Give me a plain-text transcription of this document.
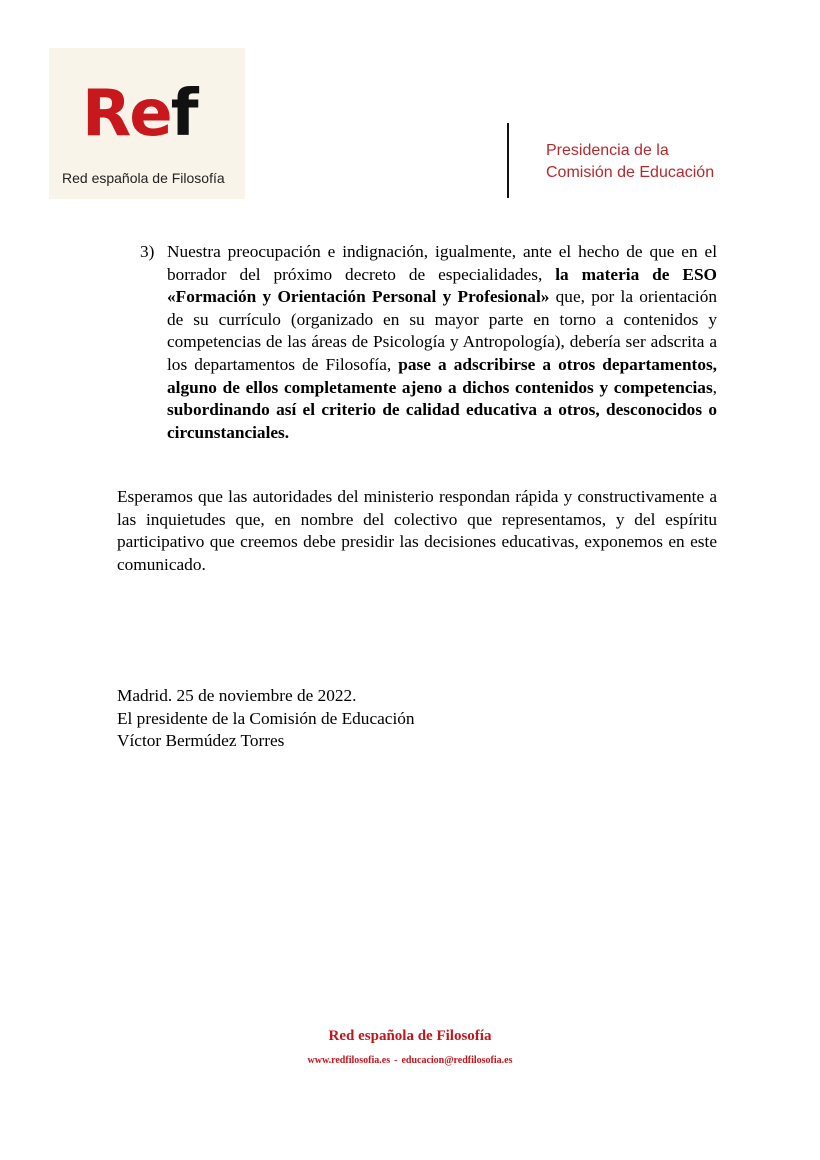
Ref
Red española de Filosofía
Presidencia de la
Comisión de Educación
3) Nuestra preocupación e indignación, igualmente, ante el hecho de que en el borrador del próximo decreto de especialidades, la materia de ESO «Formación y Orientación Personal y Profesional» que, por la orientación de su currículo (organizado en su mayor parte en torno a contenidos y competencias de las áreas de Psicología y Antropología), debería ser adscrita a los departamentos de Filosofía, pase a adscribirse a otros departamentos, alguno de ellos completamente ajeno a dichos contenidos y competencias, subordinando así el criterio de calidad educativa a otros, desconocidos o circunstanciales.
Esperamos que las autoridades del ministerio respondan rápida y constructivamente a las inquietudes que, en nombre del colectivo que representamos, y del espíritu participativo que creemos debe presidir las decisiones educativas, exponemos en este comunicado.
Madrid. 25 de noviembre de 2022.
El presidente de la Comisión de Educación
Víctor Bermúdez Torres
Red española de Filosofía
www.redfilosofia.es - educacion@redfilosofia.es
